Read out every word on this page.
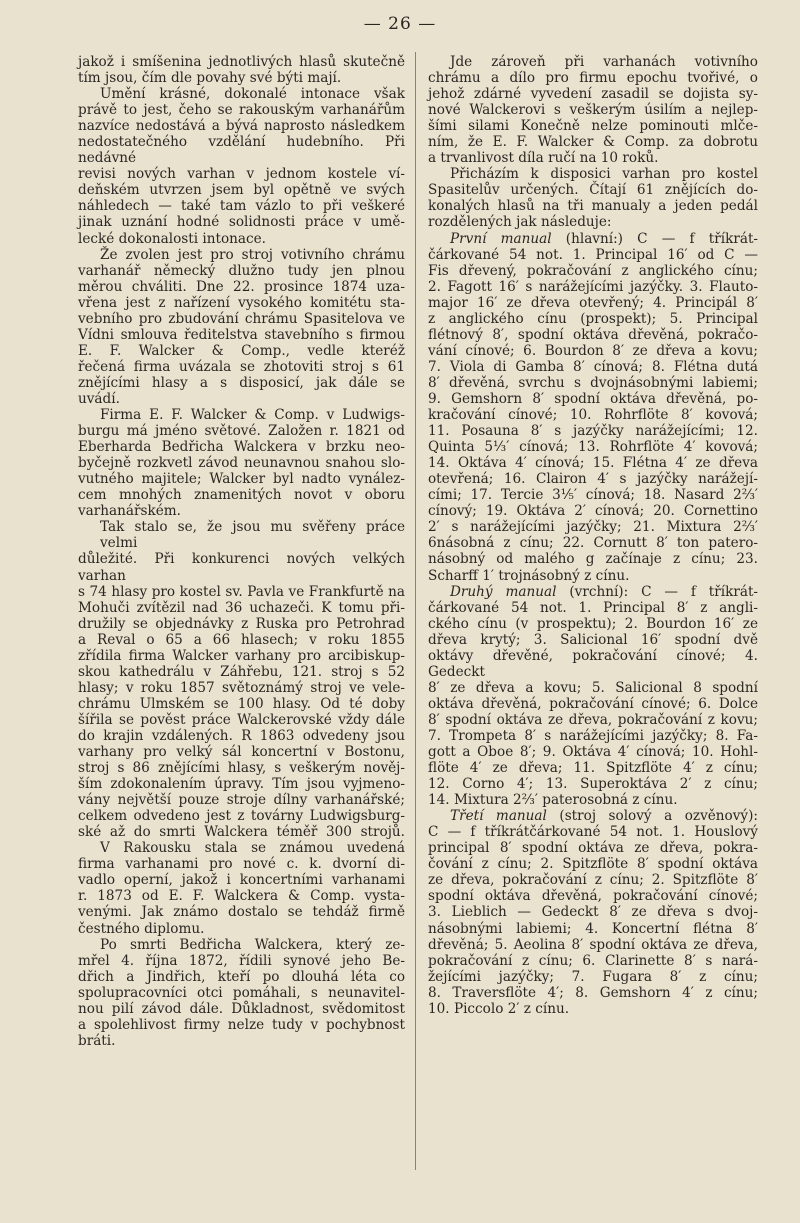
— 26 —
jakož i smíšenina jednotlivých hlasů skutečně
tím jsou, čím dle povahy své býti mají.
Umění krásné, dokonalé intonace však
právě to jest, čeho se rakouským varhanářům
nazvíce nedostává a bývá naprosto následkem
nedostatečného vzdělání hudebního. Při nedávné
revisi nových varhan v jednom kostele ví-
deňském utvrzen jsem byl opětně ve svých
náhledech — také tam vázlo to při veškeré
jinak uznání hodné solidnosti práce v umě-
lecké dokonalosti intonace.
Že zvolen jest pro stroj votivního chrámu
varhanář německý dlužno tudy jen plnou
měrou chváliti. Dne 22. prosince 1874 uza-
vřena jest z nařízení vysokého komitétu sta-
vebního pro zbudování chrámu Spasitelova ve
Vídni smlouva ředitelstva stavebního s firmou
E. F. Walcker & Comp., vedle kteréž
řečená firma uvázala se zhotoviti stroj s 61
znějícími hlasy a s disposicí, jak dále se
uvádí.
Firma E. F. Walcker & Comp. v Ludwigs-
burgu má jméno světové. Založen r. 1821 od
Eberharda Bedřicha Walckera v brzku neo-
byčejně rozkvetl závod neunavnou snahou slo-
vutného majitele; Walcker byl nadto vynález-
cem mnohých znamenitých novot v oboru
varhanářském.
Tak stalo se, že jsou mu svěřeny práce velmi
důležité. Při konkurenci nových velkých varhan
s 74 hlasy pro kostel sv. Pavla ve Frankfurtě na
Mohuči zvítězil nad 36 uchazeči. K tomu při-
družily se objednávky z Ruska pro Petrohrad
a Reval o 65 a 66 hlasech; v roku 1855
zřídila firma Walcker varhany pro arcibiskup-
skou kathedrálu v Záhřebu, 121. stroj s 52
hlasy; v roku 1857 světoznámý stroj ve vele-
chrámu Ulmském se 100 hlasy. Od té doby
šířila se pověst práce Walckerovské vždy dále
do krajin vzdálených. R 1863 odvedeny jsou
varhany pro velký sál koncertní v Bostonu,
stroj s 86 znějícími hlasy, s veškerým nověj-
ším zdokonalením úpravy. Tím jsou vyjmeno-
vány největší pouze stroje dílny varhanářské;
celkem odvedeno jest z továrny Ludwigsburg-
ské až do smrti Walckera téměř 300 strojů.
V Rakousku stala se známou uvedená
firma varhanami pro nové c. k. dvorní di-
vadlo operní, jakož i koncertními varhanami
r. 1873 od E. F. Walckera & Comp. vysta-
venými. Jak známo dostalo se tehdáž firmě
čestného diplomu.
Po smrti Bedřicha Walckera, který ze-
mřel 4. října 1872, řídili synové jeho Be-
dřich a Jindřich, kteří po dlouhá léta co
spolupracovníci otci pomáhali, s neunavitel-
nou pilí závod dále. Důkladnost, svědomitost
a spolehlivost firmy nelze tudy v pochybnost
bráti.
Jde zároveň při varhanách votivního
chrámu a dílo pro firmu epochu tvořivé, o
jehož zdárné vyvedení zasadil se dojista sy-
nové Walckerovi s veškerým úsilím a nejlep-
šími silami Konečně nelze pominouti mlče-
ním, že E. F. Walcker & Comp. za dobrotu
a trvanlivost díla ručí na 10 roků.
Přicházím k disposici varhan pro kostel
Spasitelův určených. Čítají 61 znějících do-
konalých hlasů na tři manualy a jeden pedál
rozdělených jak následuje:
První manual (hlavní:) C — f tříkrát-
čárkované 54 not. 1. Principal 16′ od C —
Fis dřevený, pokračování z anglického cínu;
2. Fagott 16′ s narážejícími jazýčky. 3. Flauto-
major 16′ ze dřeva otevřený; 4. Principál 8′
z anglického cínu (prospekt); 5. Principal
flétnový 8′, spodní oktáva dřevěná, pokračo-
vání cínové; 6. Bourdon 8′ ze dřeva a kovu;
7. Viola di Gamba 8′ cínová; 8. Flétna dutá
8′ dřevěná, svrchu s dvojnásobnými labiemi;
9. Gemshorn 8′ spodní oktáva dřevěná, po-
kračování cínové; 10. Rohrflöte 8′ kovová;
11. Posauna 8′ s jazýčky narážejícími; 12.
Quinta 5⅓′ cínová; 13. Rohrflöte 4′ kovová;
14. Oktáva 4′ cínová; 15. Flétna 4′ ze dřeva
otevřená; 16. Clairon 4′ s jazýčky narážejí-
cími; 17. Tercie 3⅕′ cínová; 18. Nasard 2⅔′
cínový; 19. Oktáva 2′ cínová; 20. Cornettino
2′ s narážejícími jazýčky; 21. Mixtura 2⅔′
6násobná z cínu; 22. Cornutt 8′ ton patero-
násobný od malého g začínaje z cínu; 23.
Scharff 1′ trojnásobný z cínu.
Druhý manual (vrchní): C — f tříkrát-
čárkované 54 not. 1. Principal 8′ z angli-
ckého cínu (v prospektu); 2. Bourdon 16′ ze
dřeva krytý; 3. Salicional 16′ spodní dvě
oktávy dřevěné, pokračování cínové; 4. Gedeckt
8′ ze dřeva a kovu; 5. Salicional 8 spodní
oktáva dřevěná, pokračování cínové; 6. Dolce
8′ spodní oktáva ze dřeva, pokračování z kovu;
7. Trompeta 8′ s narážejícími jazýčky; 8. Fa-
gott a Oboe 8′; 9. Oktáva 4′ cínová; 10. Hohl-
flöte 4′ ze dřeva; 11. Spitzflöte 4′ z cínu;
12. Corno 4′; 13. Superoktáva 2′ z cínu;
14. Mixtura 2⅔′ paterosobná z cínu.
Třetí manual (stroj solový a ozvěnový):
C — f tříkrátčárkované 54 not. 1. Houslový
principal 8′ spodní oktáva ze dřeva, pokra-
čování z cínu; 2. Spitzflöte 8′ spodní oktáva
ze dřeva, pokračování z cínu; 2. Spitzflöte 8′
spodní oktáva dřevěná, pokračování cínové;
3. Lieblich — Gedeckt 8′ ze dřeva s dvoj-
násobnými labiemi; 4. Koncertní flétna 8′
dřevěná; 5. Aeolina 8′ spodní oktáva ze dřeva,
pokračování z cínu; 6. Clarinette 8′ s nará-
žejícími jazýčky; 7. Fugara 8′ z cínu;
8. Traversflöte 4′; 8. Gemshorn 4′ z cínu;
10. Piccolo 2′ z cínu.
